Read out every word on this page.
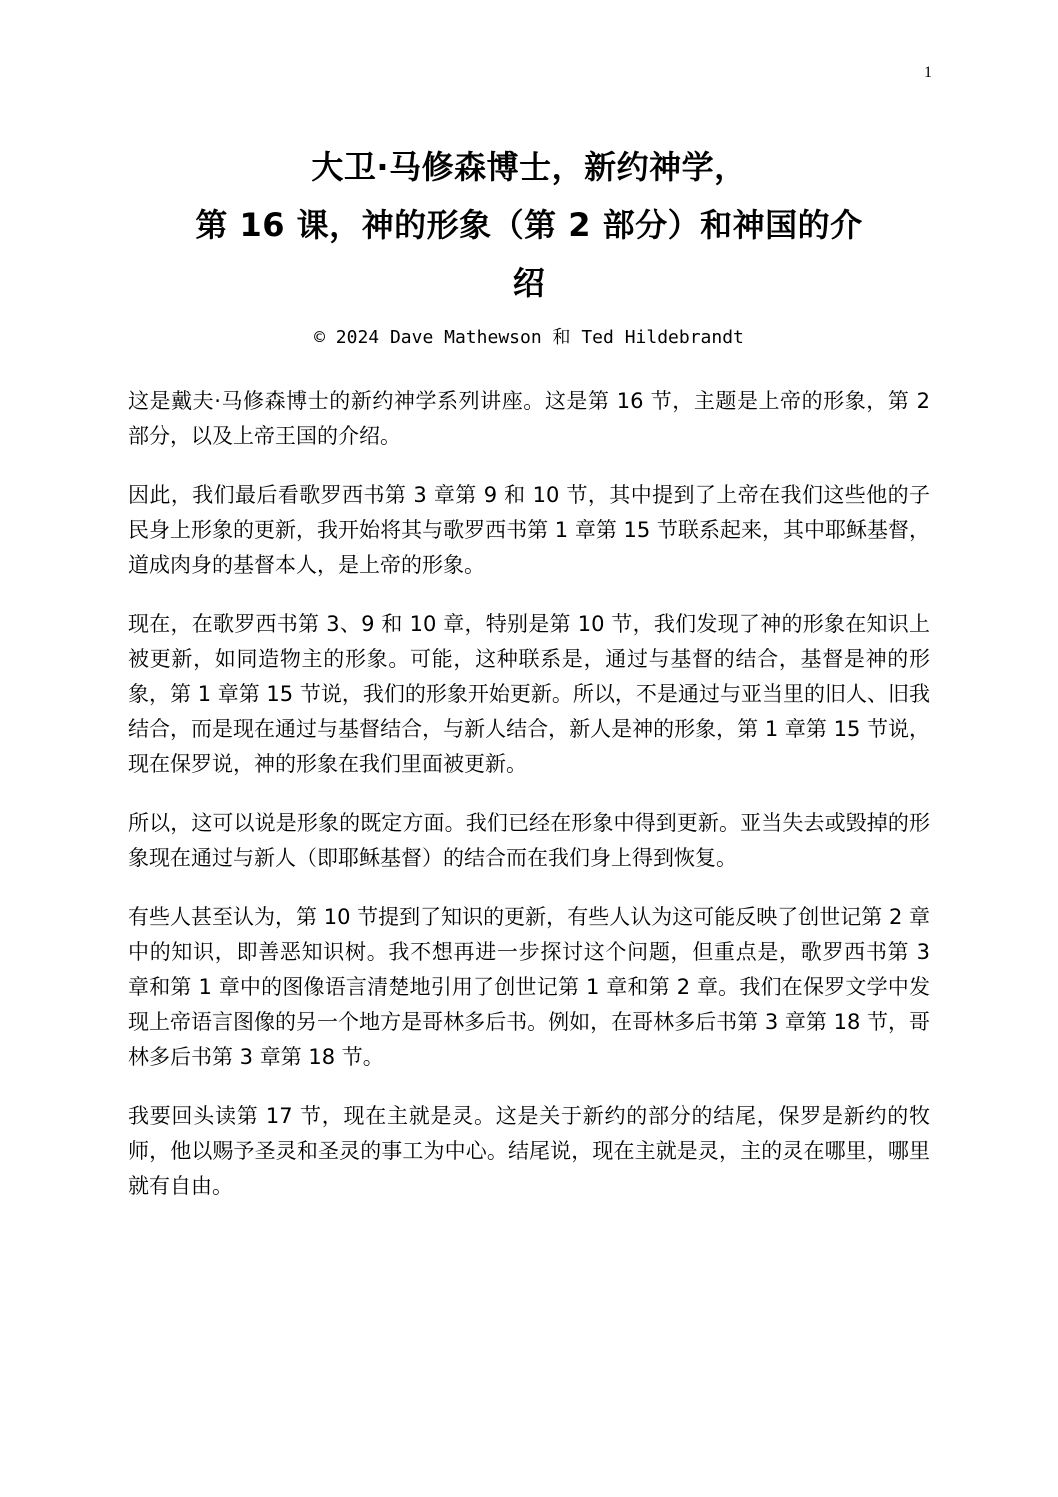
1
大卫·马修森博士，新约神学，
第 16 课，神的形象（第 2 部分）和神国的介
绍
© 2024 Dave Mathewson 和 Ted Hildebrandt

这是戴夫·马修森博士的新约神学系列讲座。这是第 16 节，主题是上帝的形象，第 2 部分，以及上帝王国的介绍。

因此，我们最后看歌罗西书第 3 章第 9 和 10 节，其中提到了上帝在我们这些他的子民身上形象的更新，我开始将其与歌罗西书第 1 章第 15 节联系起来，其中耶稣基督，道成肉身的基督本人，是上帝的形象。

现在，在歌罗西书第 3、9 和 10 章，特别是第 10 节，我们发现了神的形象在知识上被更新，如同造物主的形象。可能，这种联系是，通过与基督的结合，基督是神的形象，第 1 章第 15 节说，我们的形象开始更新。所以，不是通过与亚当里的旧人、旧我结合，而是现在通过与基督结合，与新人结合，新人是神的形象，第 1 章第 15 节说，现在保罗说，神的形象在我们里面被更新。

所以，这可以说是形象的既定方面。我们已经在形象中得到更新。亚当失去或毁掉的形象现在通过与新人（即耶稣基督）的结合而在我们身上得到恢复。

有些人甚至认为，第 10 节提到了知识的更新，有些人认为这可能反映了创世记第 2 章中的知识，即善恶知识树。我不想再进一步探讨这个问题，但重点是，歌罗西书第 3 章和第 1 章中的图像语言清楚地引用了创世记第 1 章和第 2 章。我们在保罗文学中发现上帝语言图像的另一个地方是哥林多后书。例如，在哥林多后书第 3 章第 18 节，哥林多后书第 3 章第 18 节。

我要回头读第 17 节，现在主就是灵。这是关于新约的部分的结尾，保罗是新约的牧师，他以赐予圣灵和圣灵的事工为中心。结尾说，现在主就是灵，主的灵在哪里，哪里就有自由。
